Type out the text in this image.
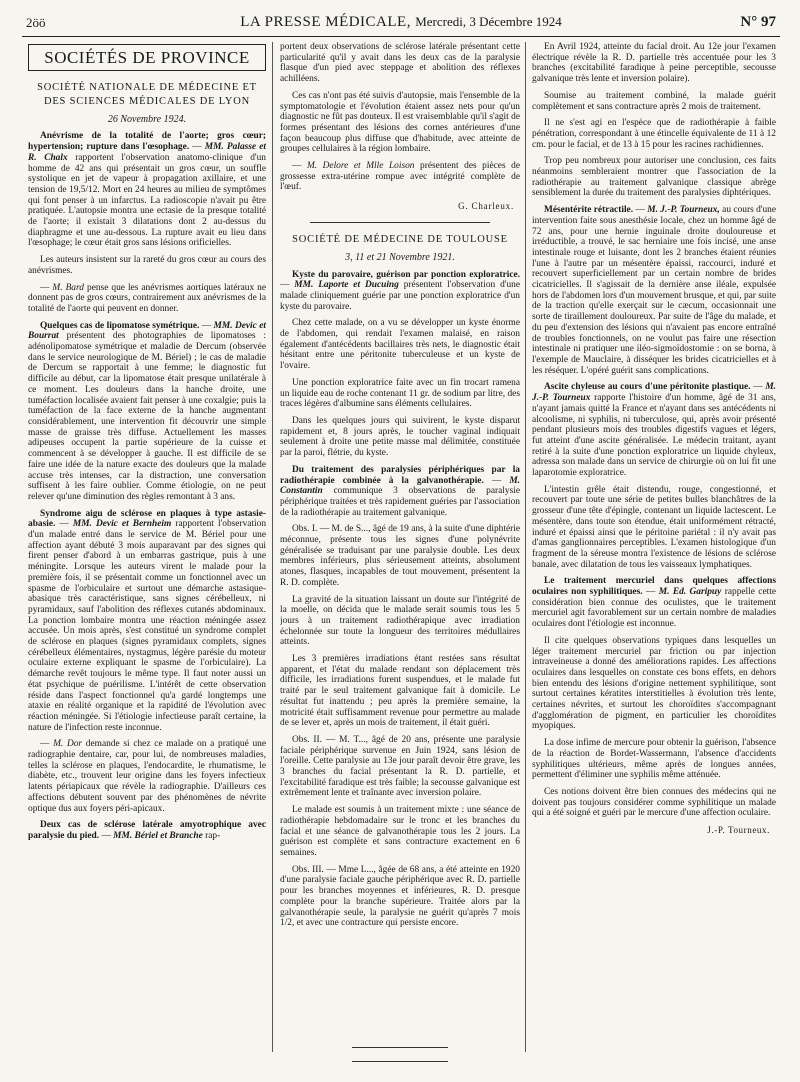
2öö	LA PRESSE MÉDICALE, Mercredi, 3 Décembre 1924	N° 97
SOCIÉTÉS DE PROVINCE
SOCIÉTÉ NATIONALE DE MÉDECINE ET DES SCIENCES MÉDICALES DE LYON
26 Novembre 1924.

Anévrisme de la totalité de l'aorte; gros cœur; hypertension; rupture dans l'œsophage. — MM. Palasse et R. Chalx rapportent l'observation anatomo-clinique d'un homme de 42 ans qui présentait un gros cœur, un souffle systolique en jet de vapeur à propagation axillaire, et une tension de 19,5/12. Mort en 24 heures au milieu de symptômes qui font penser à un infarctus. La radioscopie n'avait pu être pratiquée. L'autopsie montra une ectasie de la presque totalité de l'aorte; il existait 3 dilatations dont 2 au-dessus du diaphragme et une au-dessous. La rupture avait eu lieu dans l'œsophage; le cœur était gros sans lésions orificielles.

Les auteurs insistent sur la rareté du gros cœur au cours des anévrismes.

— M. Bard pense que les anévrismes aortiques latéraux ne donnent pas de gros cœurs, contrairement aux anévrismes de la totalité de l'aorte qui peuvent en donner.

Quelques cas de lipomatose symétrique. — MM. Devic et Bourrat présentent des photographies de lipomatoses : adénolipomatose symétrique et maladie de Dercum (observée dans le service neurologique de M. Bériel) ; le cas de maladie de Dercum se rapportait à une femme; le diagnostic fut difficile au début, car la lipomatose était presque unilatérale à ce moment. Les douleurs dans la hanche droite, une tuméfaction localisée avaient fait penser à une coxalgie; puis la tuméfaction de la face externe de la hanche augmentant considérablement, une intervention fit découvrir une simple masse de graisse très diffuse. Actuellement les masses adipeuses occupent la partie supérieure de la cuisse et commencent à se développer à gauche. Il est difficile de se faire une idée de la nature exacte des douleurs que la malade accuse très intenses, car la distraction, une conversation suffisent à les faire oublier. Comme étiologie, on ne peut relever qu'une diminution des règles remontant à 3 ans.

Syndrome aigu de sclérose en plaques à type astasie-abasie. — MM. Devic et Bernheim rapportent l'observation d'un malade entré dans le service de M. Bériel pour une affection ayant débuté 3 mois auparavant par des signes qui firent penser d'abord à un embarras gastrique, puis à une méningite. Lorsque les auteurs virent le malade pour la première fois, il se présentait comme un fonctionnel avec un spasme de l'orbiculaire et surtout une démarche astasique-abasique très caractéristique, sans signes cérébelleux, ni pyramidaux, sauf l'abolition des réflexes cutanés abdominaux. La ponction lombaire montra une réaction méningée assez accusée. Un mois après, s'est constitué un syndrome complet de sclérose en plaques (signes pyramidaux complets, signes cérébelleux élémentaires, nystagmus, légère parésie du moteur oculaire externe expliquant le spasme de l'orbiculaire). La démarche revêt toujours le même type. Il faut noter aussi un état psychique de puérilisme. L'intérêt de cette observation réside dans l'aspect fonctionnel qu'a gardé longtemps une ataxie en réalité organique et la rapidité de l'évolution avec réaction méningée. Si l'étiologie infectieuse paraît certaine, la nature de l'infection reste inconnue.

— M. Dor demande si chez ce malade on a pratiqué une radiographie dentaire, car, pour lui, de nombreuses maladies, telles la sclérose en plaques, l'endocardite, le rhumatisme, le diabète, etc., trouvent leur origine dans les foyers infectieux latents périapicaux que révèle la radiographie. D'ailleurs ces affections débutent souvent par des phénomènes de névrite optique dus aux foyers péri-apicaux.

Deux cas de sclérose latérale amyotrophique avec paralysie du pied. — MM. Bériel et Branche rap-

portent deux observations de sclérose latérale présentant cette particularité qu'il y avait dans les deux cas de la paralysie flasque d'un pied avec steppage et abolition des réflexes achilléens.

Ces cas n'ont pas été suivis d'autopsie, mais l'ensemble de la symptomatologie et l'évolution étaient assez nets pour qu'un diagnostic ne fût pas douteux. Il est vraisemblable qu'il s'agit de formes présentant des lésions des cornes antérieures d'une façon beaucoup plus diffuse que d'habitude, avec atteinte de groupes cellulaires à la région lombaire.

— M. Delore et Mlle Loison présentent des pièces de grossesse extra-utérine rompue avec intégrité complète de l'œuf.

G. Charleux.
SOCIÉTÉ DE MÉDECINE DE TOULOUSE
3, 11 et 21 Novembre 1921.

Kyste du parovaire, guérison par ponction exploratrice. — MM. Laporte et Ducuing présentent l'observation d'une malade cliniquement guérie par une ponction exploratrice d'un kyste du parovaire.

Chez cette malade, on a vu se développer un kyste énorme de l'abdomen, qui rendait l'examen malaisé, en raison également d'antécédents bacillaires très nets, le diagnostic était hésitant entre une péritonite tuberculeuse et un kyste de l'ovaire.

Une ponction exploratrice faite avec un fin trocart ramena un liquide eau de roche contenant 11 gr. de sodium par litre, des traces légères d'albumine sans éléments cellulaires.

Dans les quelques jours qui suivirent, le kyste disparut rapidement et, 8 jours après, le toucher vaginal indiquait seulement à droite une petite masse mal délimitée, constituée par la paroi, flétrie, du kyste.

Du traitement des paralysies périphériques par la radiothérapie combinée à la galvanothérapie. — M. Constantin communique 3 observations de paralysie périphérique traitées et très rapidement guéries par l'association de la radiothérapie au traitement galvanique.

Obs. I. — M. de S..., âgé de 19 ans, à la suite d'une diphtérie méconnue, présente tous les signes d'une polynévrite généralisée se traduisant par une paralysie double. Les deux membres inférieurs, plus sérieusement atteints, absolument atones, flasques, incapables de tout mouvement, présentent la R. D. complète.

La gravité de la situation laissant un doute sur l'intégrité de la moelle, on décida que le malade serait soumis tous les 5 jours à un traitement radiothérapique avec irradiation échelonnée sur toute la longueur des territoires médullaires atteints.

Les 3 premières irradiations étant restées sans résultat apparent, et l'état du malade rendant son déplacement très difficile, les irradiations furent suspendues, et le malade fut traité par le seul traitement galvanique fait à domicile. Le résultat fut inattendu ; peu après la première semaine, la motricité était suffisamment revenue pour permettre au malade de se lever et, après un mois de traitement, il était guéri.

Obs. II. — M. T..., âgé de 20 ans, présente une paralysie faciale périphérique survenue en Juin 1924, sans lésion de l'oreille. Cette paralysie au 13e jour paraît devoir être grave, les 3 branches du facial présentant la R. D. partielle, et l'excitabilité faradique est très faible; la secousse galvanique est extrêmement lente et traînante avec inversion polaire.

Le malade est soumis à un traitement mixte : une séance de radiothérapie hebdomadaire sur le tronc et les branches du facial et une séance de galvanothérapie tous les 2 jours. La guérison est complète et sans contracture exactement en 6 semaines.

Obs. III. — Mme L..., âgée de 68 ans, a été atteinte en 1920 d'une paralysie faciale gauche périphérique avec R. D. partielle pour les branches moyennes et inférieures, R. D. presque complète pour la branche supérieure. Traitée alors par la galvanothérapie seule, la paralysie ne guérit qu'après 7 mois 1/2, et avec une contracture qui persiste encore.

En Avril 1924, atteinte du facial droit. Au 12e jour l'examen électrique révèle la R. D. partielle très accentuée pour les 3 branches (excitabilité faradique à peine perceptible, secousse galvanique très lente et inversion polaire).

Soumise au traitement combiné, la malade guérit complètement et sans contracture après 2 mois de traitement.

Il ne s'est agi en l'espèce que de radiothérapie à faible pénétration, correspondant à une étincelle équivalente de 11 à 12 cm. pour le facial, et de 13 à 15 pour les racines rachidiennes.

Trop peu nombreux pour autoriser une conclusion, ces faits néanmoins sembleraient montrer que l'association de la radiothérapie au traitement galvanique classique abrège sensiblement la durée du traitement des paralysies diphtériques.

Mésentérite rétractile. — M. J.-P. Tourneux, au cours d'une intervention faite sous anesthésie locale, chez un homme âgé de 72 ans, pour une hernie inguinale droite douloureuse et irréductible, a trouvé, le sac herniaire une fois incisé, une anse intestinale rouge et luisante, dont les 2 branches étaient réunies l'une à l'autre par un mésentère épaissi, raccourci, induré et recouvert superficiellement par un certain nombre de brides cicatricielles. Il s'agissait de la dernière anse iléale, expulsée hors de l'abdomen lors d'un mouvement brusque, et qui, par suite de la traction qu'elle exerçait sur le cæcum, occasionnait une sorte de tiraillement douloureux. Par suite de l'âge du malade, et du peu d'extension des lésions qui n'avaient pas encore entraîné de troubles fonctionnels, on ne voulut pas faire une résection intestinale ni pratiquer une iléo-sigmoïdostomie : on se borna, à l'exemple de Mauclaire, à disséquer les brides cicatricielles et à les réséquer. L'opéré guérit sans complications.

Ascite chyleuse au cours d'une péritonite plastique. — M. J.-P. Tourneux rapporte l'histoire d'un homme, âgé de 31 ans, n'ayant jamais quitté la France et n'ayant dans ses antécédents ni alcoolisme, ni syphilis, ni tuberculose, qui, après avoir présenté pendant plusieurs mois des troubles digestifs vagues et légers, fut atteint d'une ascite généralisée. Le médecin traitant, ayant retiré à la suite d'une ponction exploratrice un liquide chyleux, adressa son malade dans un service de chirurgie où on lui fit une laparotomie exploratrice.

L'intestin grêle était distendu, rouge, congestionné, et recouvert par toute une série de petites bulles blanchâtres de la grosseur d'une tête d'épingle, contenant un liquide lactescent. Le mésentère, dans toute son étendue, était uniformément rétracté, induré et épaissi ainsi que le péritoine pariétal : il n'y avait pas d'amas ganglionnaires perceptibles. L'examen histologique d'un fragment de la séreuse montra l'existence de lésions de sclérose banale, avec dilatation de tous les vaisseaux lymphatiques.

Le traitement mercuriel dans quelques affections oculaires non syphilitiques. — M. Ed. Garipuy rappelle cette considération bien connue des oculistes, que le traitement mercuriel agit favorablement sur un certain nombre de maladies oculaires dont l'étiologie est inconnue.

Il cite quelques observations typiques dans lesquelles un léger traitement mercuriel par friction ou par injection intraveineuse a donné des améliorations rapides. Les affections oculaires dans lesquelles on constate ces bons effets, en dehors bien entendu des lésions d'origine nettement syphilitique, sont surtout certaines kératites interstitielles à évolution très lente, certaines névrites, et surtout les choroïdites s'accompagnant d'agglomération de pigment, en particulier les choroïdites myopiques.

La dose infime de mercure pour obtenir la guérison, l'absence de la réaction de Bordet-Wassermann, l'absence d'accidents syphilitiques ultérieurs, même après de longues années, permettent d'éliminer une syphilis même atténuée.

Ces notions doivent être bien connues des médecins qui ne doivent pas toujours considérer comme syphilitique un malade qui a été soigné et guéri par le mercure d'une affection oculaire.

J.-P. Tourneux.
